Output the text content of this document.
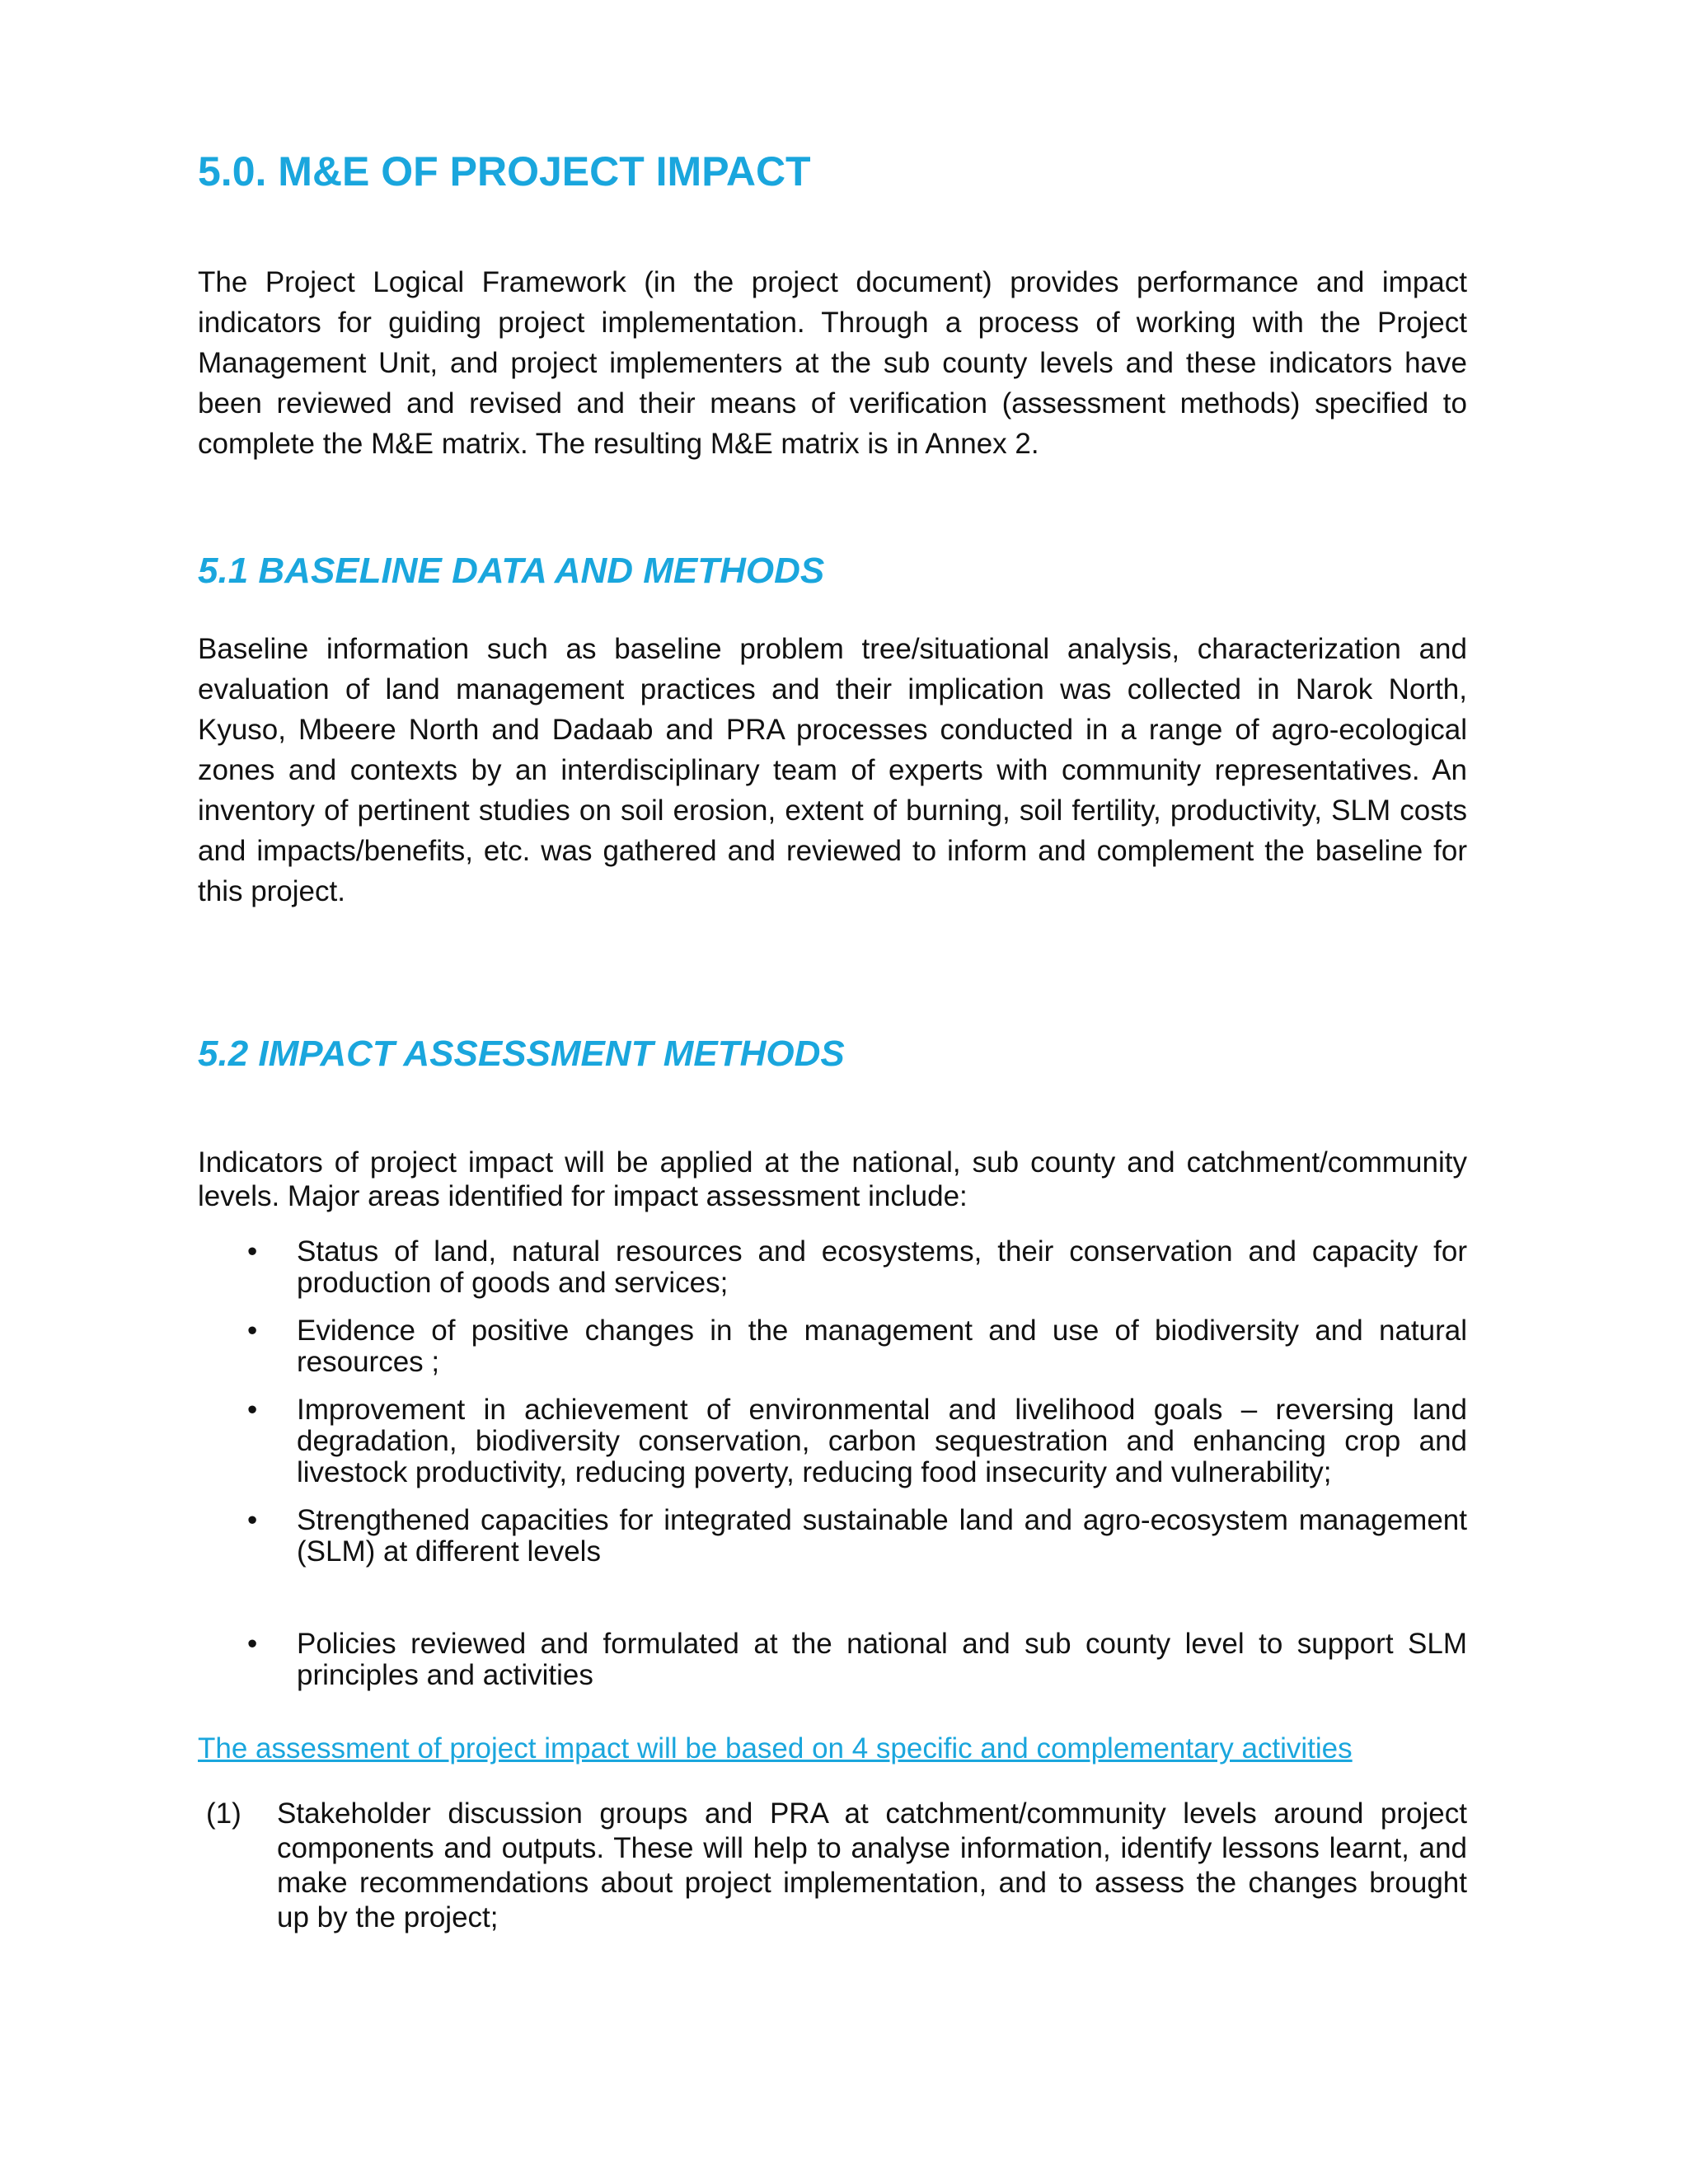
5.0. M&E OF PROJECT IMPACT

The Project Logical Framework (in the project document) provides performance and impact indicators for guiding project implementation. Through a process of working with the Project Management Unit, and project implementers at the sub county levels and these indicators have been reviewed and revised and their means of verification (assessment methods) specified to complete the M&E matrix. The resulting M&E matrix is in Annex 2.

5.1 BASELINE DATA AND METHODS

Baseline information such as baseline problem tree/situational analysis, characterization and evaluation of land management practices and their implication was collected in Narok North, Kyuso, Mbeere North and Dadaab and PRA processes conducted in a range of agro-ecological zones and contexts by an interdisciplinary team of experts with community representatives. An inventory of pertinent studies on soil erosion, extent of burning, soil fertility, productivity, SLM costs and impacts/benefits, etc. was gathered and reviewed to inform and complement the baseline for this project.

5.2 IMPACT ASSESSMENT METHODS

Indicators of project impact will be applied at the national, sub county and catchment/community levels. Major areas identified for impact assessment include:

•	Status of land, natural resources and ecosystems, their conservation and capacity for production of goods and services;
•	Evidence of positive changes in the management and use of biodiversity and natural resources ;
•	Improvement in achievement of environmental and livelihood goals – reversing land degradation, biodiversity conservation, carbon sequestration and enhancing crop and livestock productivity, reducing poverty, reducing food insecurity and vulnerability;
•	Strengthened capacities for integrated sustainable land and agro-ecosystem management (SLM) at different levels
•	Policies reviewed and formulated at the national and sub county level to support SLM principles and activities

The assessment of project impact will be based on 4 specific and complementary activities

(1) Stakeholder discussion groups and PRA at catchment/community levels around project components and outputs. These will help to analyse information, identify lessons learnt, and make recommendations about project implementation, and to assess the changes brought up by the project;
